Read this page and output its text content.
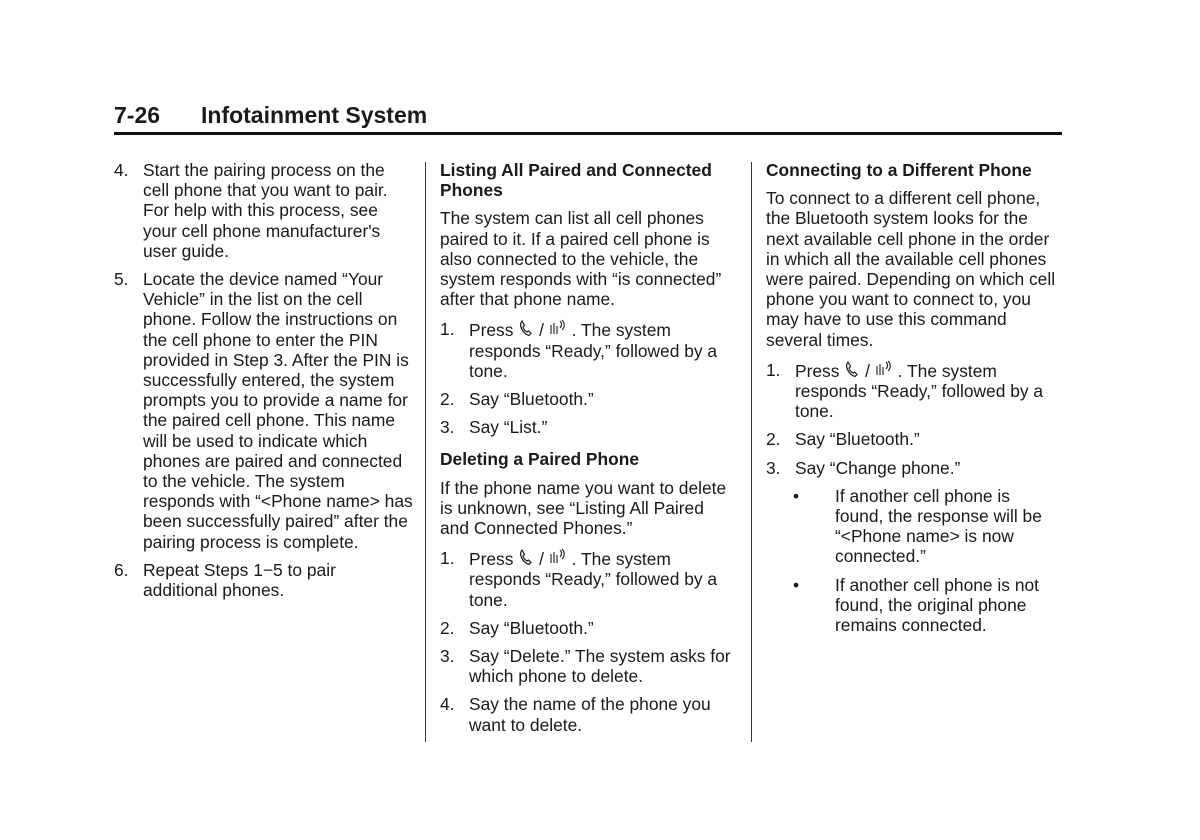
7-26 Infotainment System
4. Start the pairing process on the cell phone that you want to pair. For help with this process, see your cell phone manufacturer's user guide.
5. Locate the device named “Your Vehicle” in the list on the cell phone. Follow the instructions on the cell phone to enter the PIN provided in Step 3. After the PIN is successfully entered, the system prompts you to provide a name for the paired cell phone. This name will be used to indicate which phones are paired and connected to the vehicle. The system responds with “<Phone name> has been successfully paired” after the pairing process is complete.
6. Repeat Steps 1−5 to pair additional phones.
Listing All Paired and Connected Phones
The system can list all cell phones paired to it. If a paired cell phone is also connected to the vehicle, the system responds with “is connected” after that phone name.
1. Press / . The system responds “Ready,” followed by a tone.
2. Say “Bluetooth.”
3. Say “List.”
Deleting a Paired Phone
If the phone name you want to delete is unknown, see “Listing All Paired and Connected Phones.”
1. Press / . The system responds “Ready,” followed by a tone.
2. Say “Bluetooth.”
3. Say “Delete.” The system asks for which phone to delete.
4. Say the name of the phone you want to delete.
Connecting to a Different Phone
To connect to a different cell phone, the Bluetooth system looks for the next available cell phone in the order in which all the available cell phones were paired. Depending on which cell phone you want to connect to, you may have to use this command several times.
1. Press / . The system responds “Ready,” followed by a tone.
2. Say “Bluetooth.”
3. Say “Change phone.”
• If another cell phone is found, the response will be “<Phone name> is now connected.”
• If another cell phone is not found, the original phone remains connected.
